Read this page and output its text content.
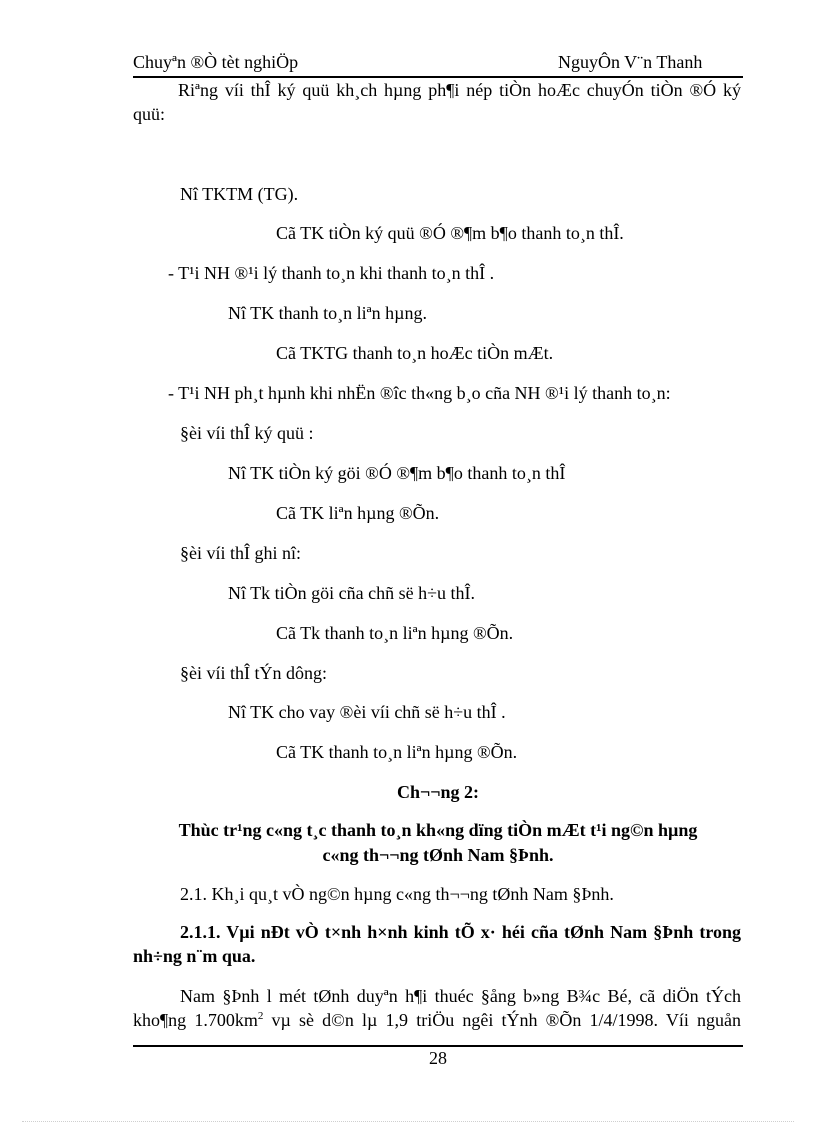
Chuyªn ®Ò tèt nghiÖp	NguyÔn V¨n Thanh
Riªng víi thÎ ký quü kh¸ch hµng ph¶i nép tiÒn hoÆc chuyÓn tiÒn ®Ó ký
quü:
Nî TKTM (TG).
Cã TK tiÒn ký quü ®Ó ®¶m b¶o thanh to¸n thÎ.
- T¹i NH ®¹i lý thanh to¸n khi thanh to¸n thÎ .
Nî TK thanh to¸n liªn hµng.
Cã TKTG thanh to¸n hoÆc tiÒn mÆt.
- T¹i NH ph¸t hµnh khi nhËn ®îc th«ng b¸o cña NH ®¹i lý thanh to¸n:
§èi víi thÎ ký quü :
Nî TK tiÒn ký göi ®Ó ®¶m b¶o thanh to¸n thÎ
Cã TK liªn hµng ®Õn.
§èi víi thÎ ghi nî:
Nî Tk tiÒn göi cña chñ së h÷u thÎ.
Cã Tk thanh to¸n liªn hµng ®Õn.
§èi víi thÎ tÝn dông:
Nî TK cho vay ®èi víi chñ së h÷u thÎ .
Cã TK thanh to¸n liªn hµng ®Õn.
Ch¬¬ng 2:
Thùc tr¹ng c«ng t¸c thanh to¸n kh«ng dïng tiÒn mÆt t¹i ng©n hµng
c«ng th¬¬ng tØnh Nam §Þnh.
2.1. Kh¸i qu¸t vÒ ng©n hµng c«ng th¬¬ng tØnh Nam §Þnh.
2.1.1. Vµi nÐt vÒ t×nh h×nh kinh tÕ x· héi cña tØnh Nam §Þnh trong
nh÷ng n¨m qua.
Nam §Þnh l mét tØnh duyªn h¶i thuéc §ång b»ng B¾c Bé, cã diÖn tÝch
kho¶ng $1.700km^2$ vµ sè d©n lµ 1,9 triÖu ngêi tÝnh ®Õn 1/4/1998. Víi nguån
28
